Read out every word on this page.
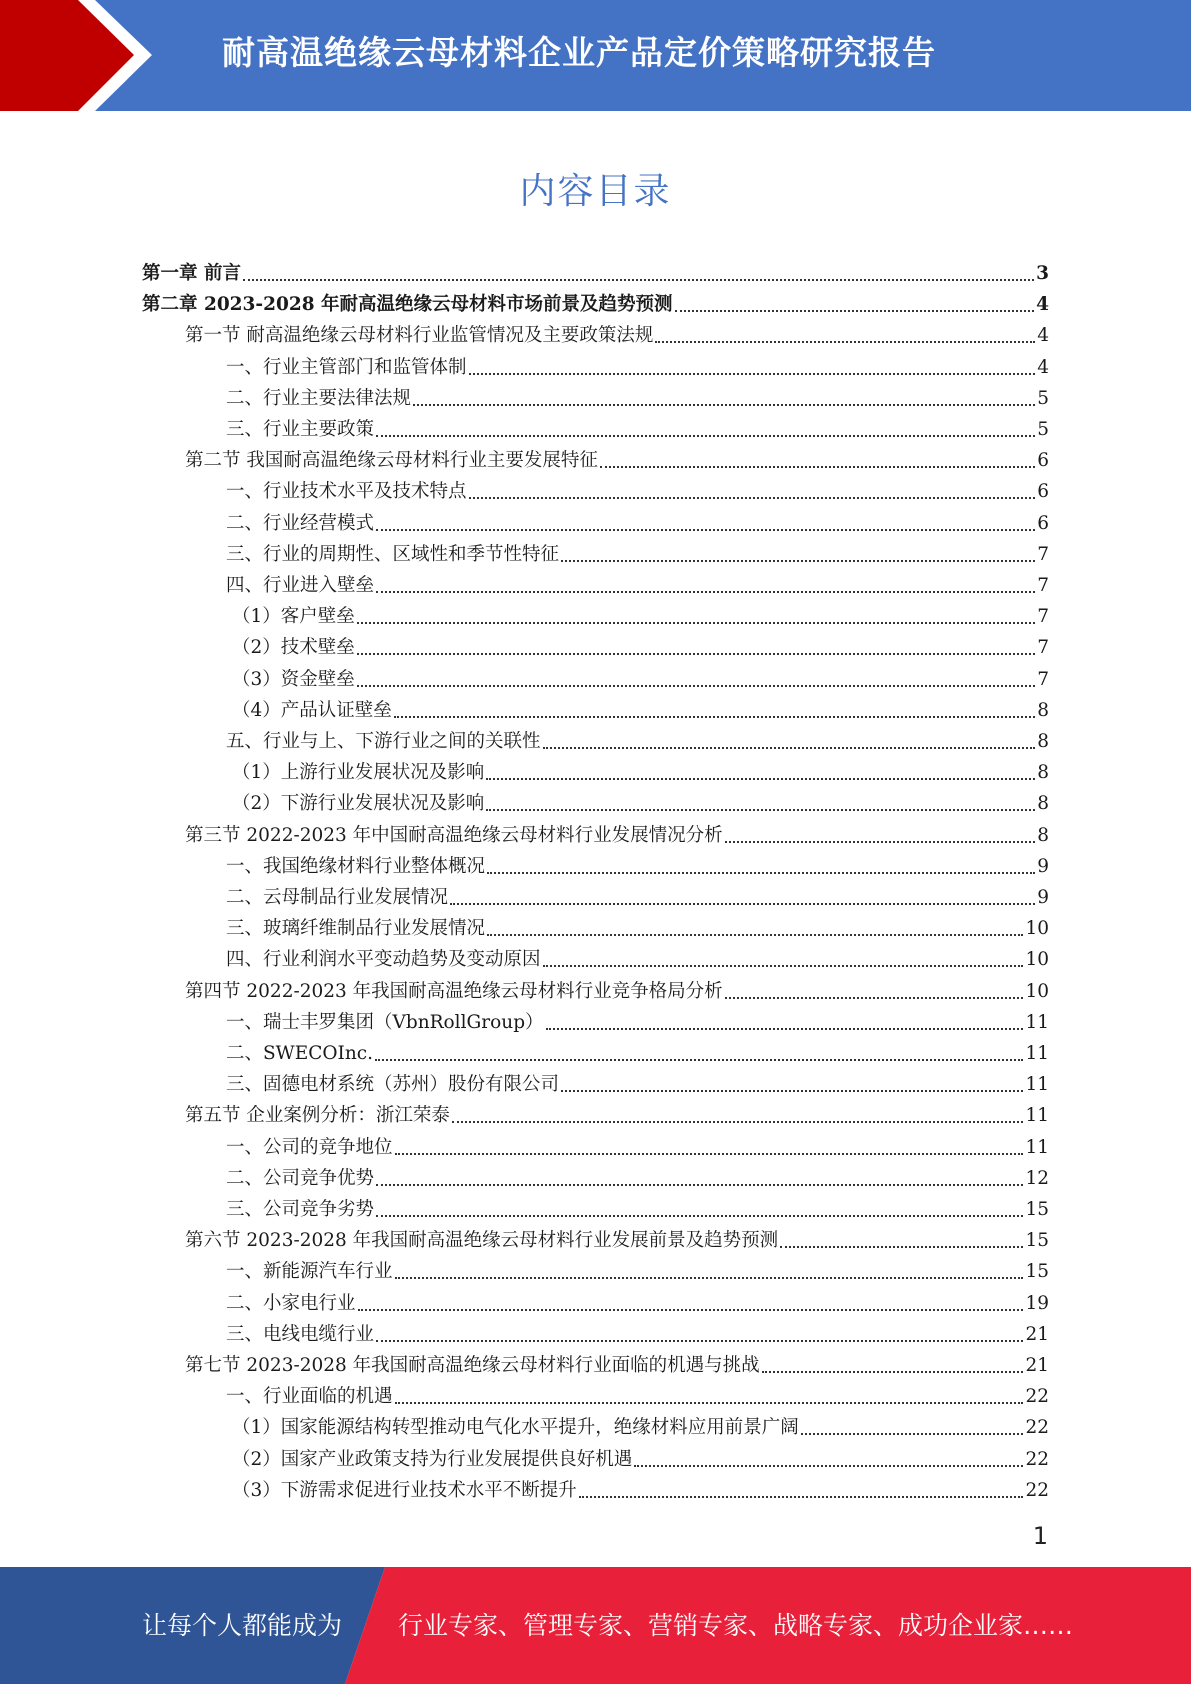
耐高温绝缘云母材料企业产品定价策略研究报告
内容目录
第一章 前言	3
第二章 2023-2028 年耐高温绝缘云母材料市场前景及趋势预测	4
第一节 耐高温绝缘云母材料行业监管情况及主要政策法规	4
一、行业主管部门和监管体制	4
二、行业主要法律法规	5
三、行业主要政策	5
第二节 我国耐高温绝缘云母材料行业主要发展特征	6
一、行业技术水平及技术特点	6
二、行业经营模式	6
三、行业的周期性、区域性和季节性特征	7
四、行业进入壁垒	7
（1）客户壁垒	7
（2）技术壁垒	7
（3）资金壁垒	7
（4）产品认证壁垒	8
五、行业与上、下游行业之间的关联性	8
（1）上游行业发展状况及影响	8
（2）下游行业发展状况及影响	8
第三节 2022-2023 年中国耐高温绝缘云母材料行业发展情况分析	8
一、我国绝缘材料行业整体概况	9
二、云母制品行业发展情况	9
三、玻璃纤维制品行业发展情况	10
四、行业利润水平变动趋势及变动原因	10
第四节 2022-2023 年我国耐高温绝缘云母材料行业竞争格局分析	10
一、瑞士丰罗集团（VbnRollGroup）	11
二、SWECOInc.	11
三、固德电材系统（苏州）股份有限公司	11
第五节 企业案例分析：浙江荣泰	11
一、公司的竞争地位	11
二、公司竞争优势	12
三、公司竞争劣势	15
第六节 2023-2028 年我国耐高温绝缘云母材料行业发展前景及趋势预测	15
一、新能源汽车行业	15
二、小家电行业	19
三、电线电缆行业	21
第七节 2023-2028 年我国耐高温绝缘云母材料行业面临的机遇与挑战	21
一、行业面临的机遇	22
（1）国家能源结构转型推动电气化水平提升，绝缘材料应用前景广阔	22
（2）国家产业政策支持为行业发展提供良好机遇	22
（3）下游需求促进行业技术水平不断提升	22
1
让每个人都能成为 行业专家、管理专家、营销专家、战略专家、成功企业家……
